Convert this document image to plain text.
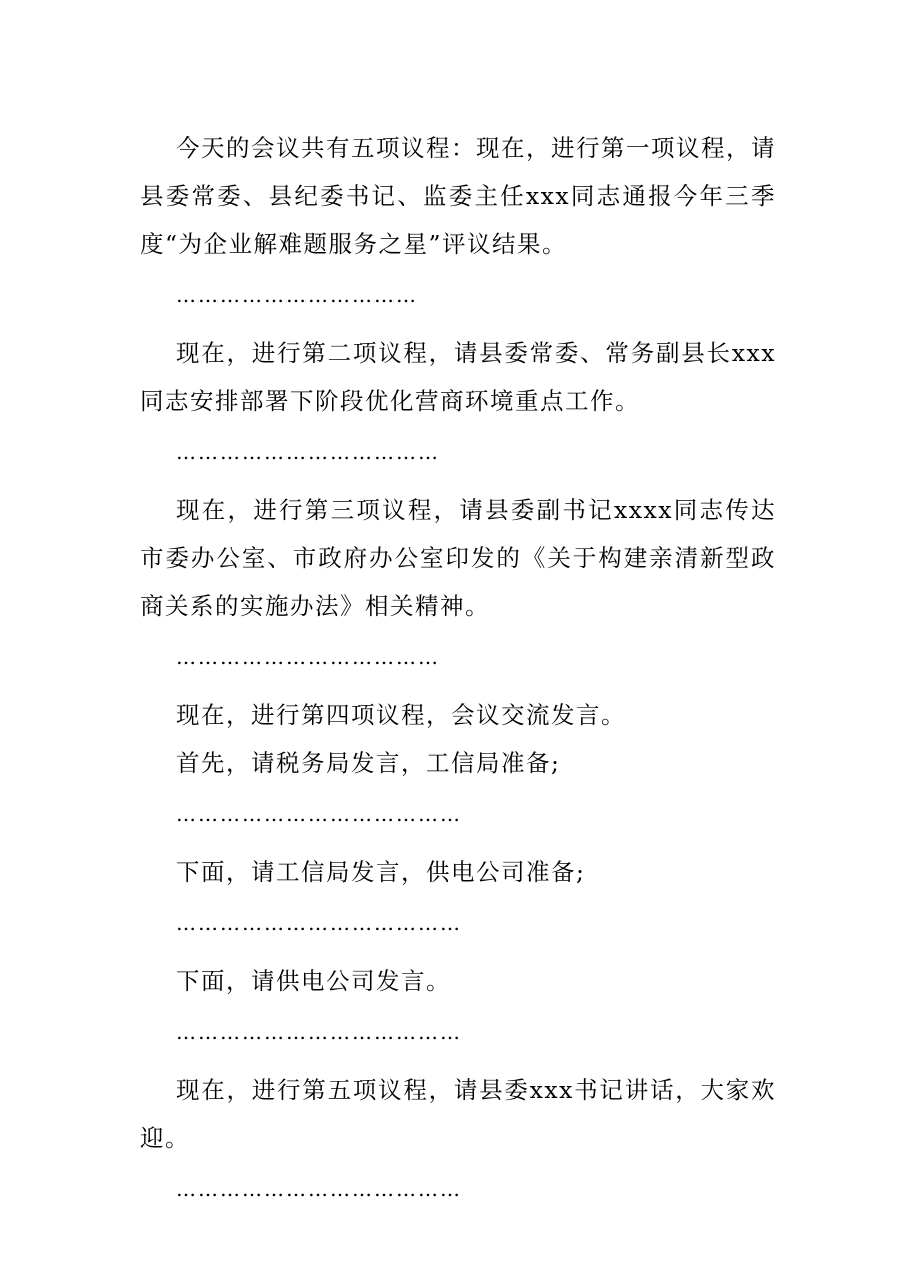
今天的会议共有五项议程：现在，进行第一项议程，请县委常委、县纪委书记、监委主任xxx同志通报今年三季度“为企业解难题服务之星”评议结果。

……………………………

现在，进行第二项议程，请县委常委、常务副县长xxx同志安排部署下阶段优化营商环境重点工作。

………………………………

现在，进行第三项议程，请县委副书记xxxx同志传达市委办公室、市政府办公室印发的《关于构建亲清新型政商关系的实施办法》相关精神。

………………………………

现在，进行第四项议程，会议交流发言。

首先，请税务局发言，工信局准备;

…………………………………

下面，请工信局发言，供电公司准备;

…………………………………

下面，请供电公司发言。

…………………………………

现在，进行第五项议程，请县委xxx书记讲话，大家欢迎。

…………………………………
